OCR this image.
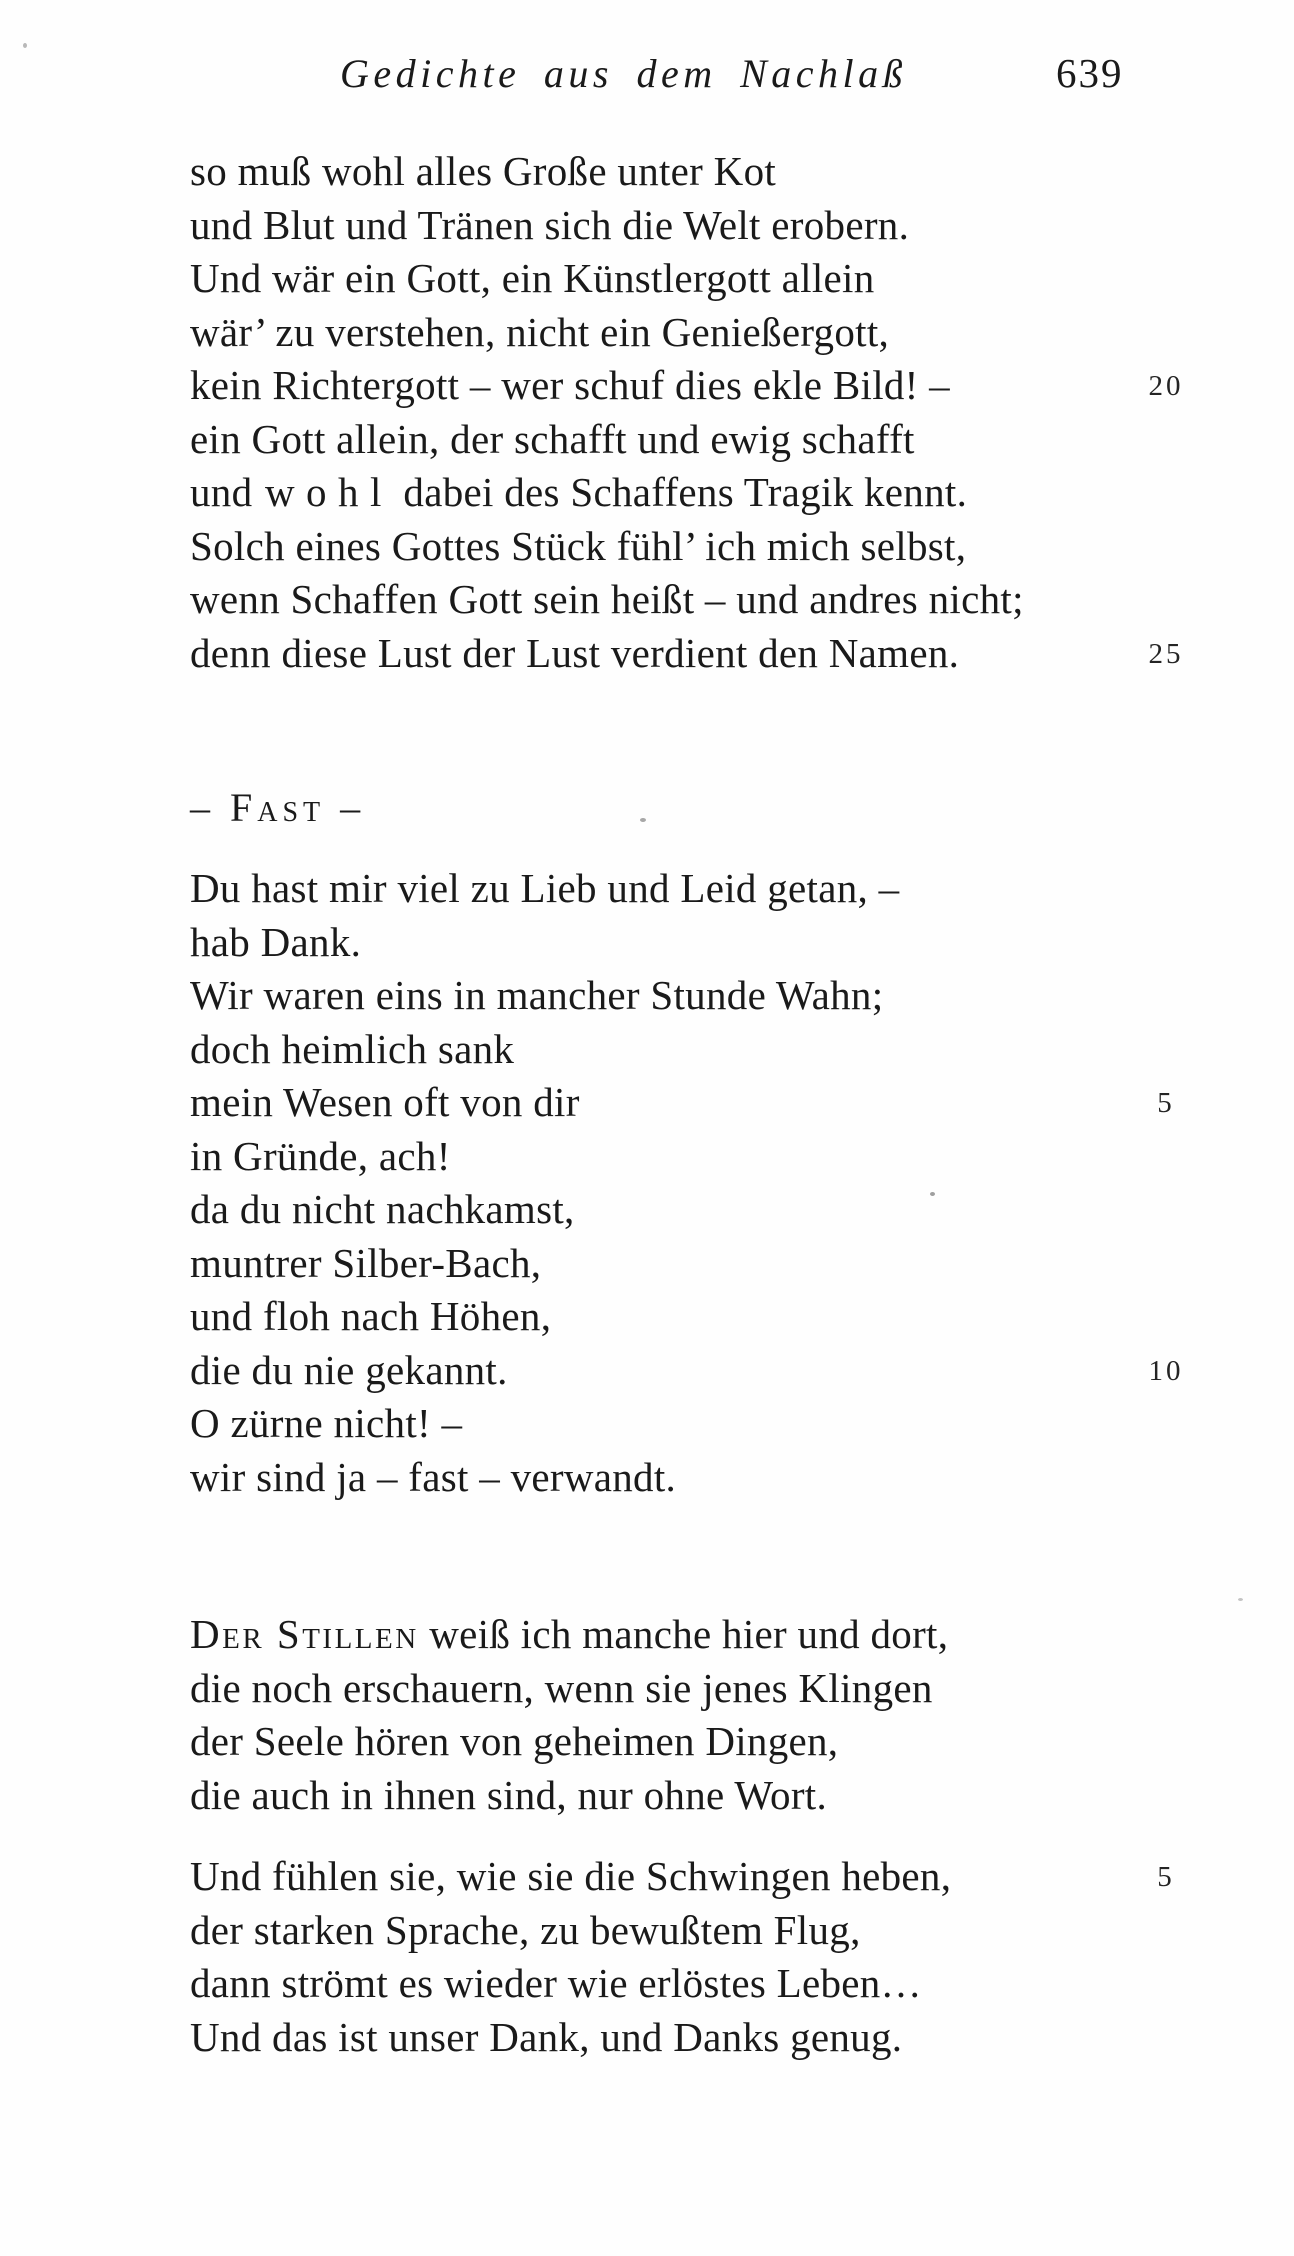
Gedichte aus dem Nachlaß	639
so muß wohl alles Große unter Kot
und Blut und Tränen sich die Welt erobern.
Und wär ein Gott, ein Künstlergott allein
wär’ zu verstehen, nicht ein Genießergott,
kein Richtergott – wer schuf dies ekle Bild! –	20
ein Gott allein, der schafft und ewig schafft
und wohl dabei des Schaffens Tragik kennt.
Solch eines Gottes Stück fühl’ ich mich selbst,
wenn Schaffen Gott sein heißt – und andres nicht;
denn diese Lust der Lust verdient den Namen.	25
– Fast –
Du hast mir viel zu Lieb und Leid getan, –
hab Dank.
Wir waren eins in mancher Stunde Wahn;
doch heimlich sank
mein Wesen oft von dir	5
in Gründe, ach!
da du nicht nachkamst,
muntrer Silber-Bach,
und floh nach Höhen,
die du nie gekannt.	10
O zürne nicht! –
wir sind ja – fast – verwandt.
Der Stillen weiß ich manche hier und dort,
die noch erschauern, wenn sie jenes Klingen
der Seele hören von geheimen Dingen,
die auch in ihnen sind, nur ohne Wort.
Und fühlen sie, wie sie die Schwingen heben,	5
der starken Sprache, zu bewußtem Flug,
dann strömt es wieder wie erlöstes Leben…
Und das ist unser Dank, und Danks genug.
